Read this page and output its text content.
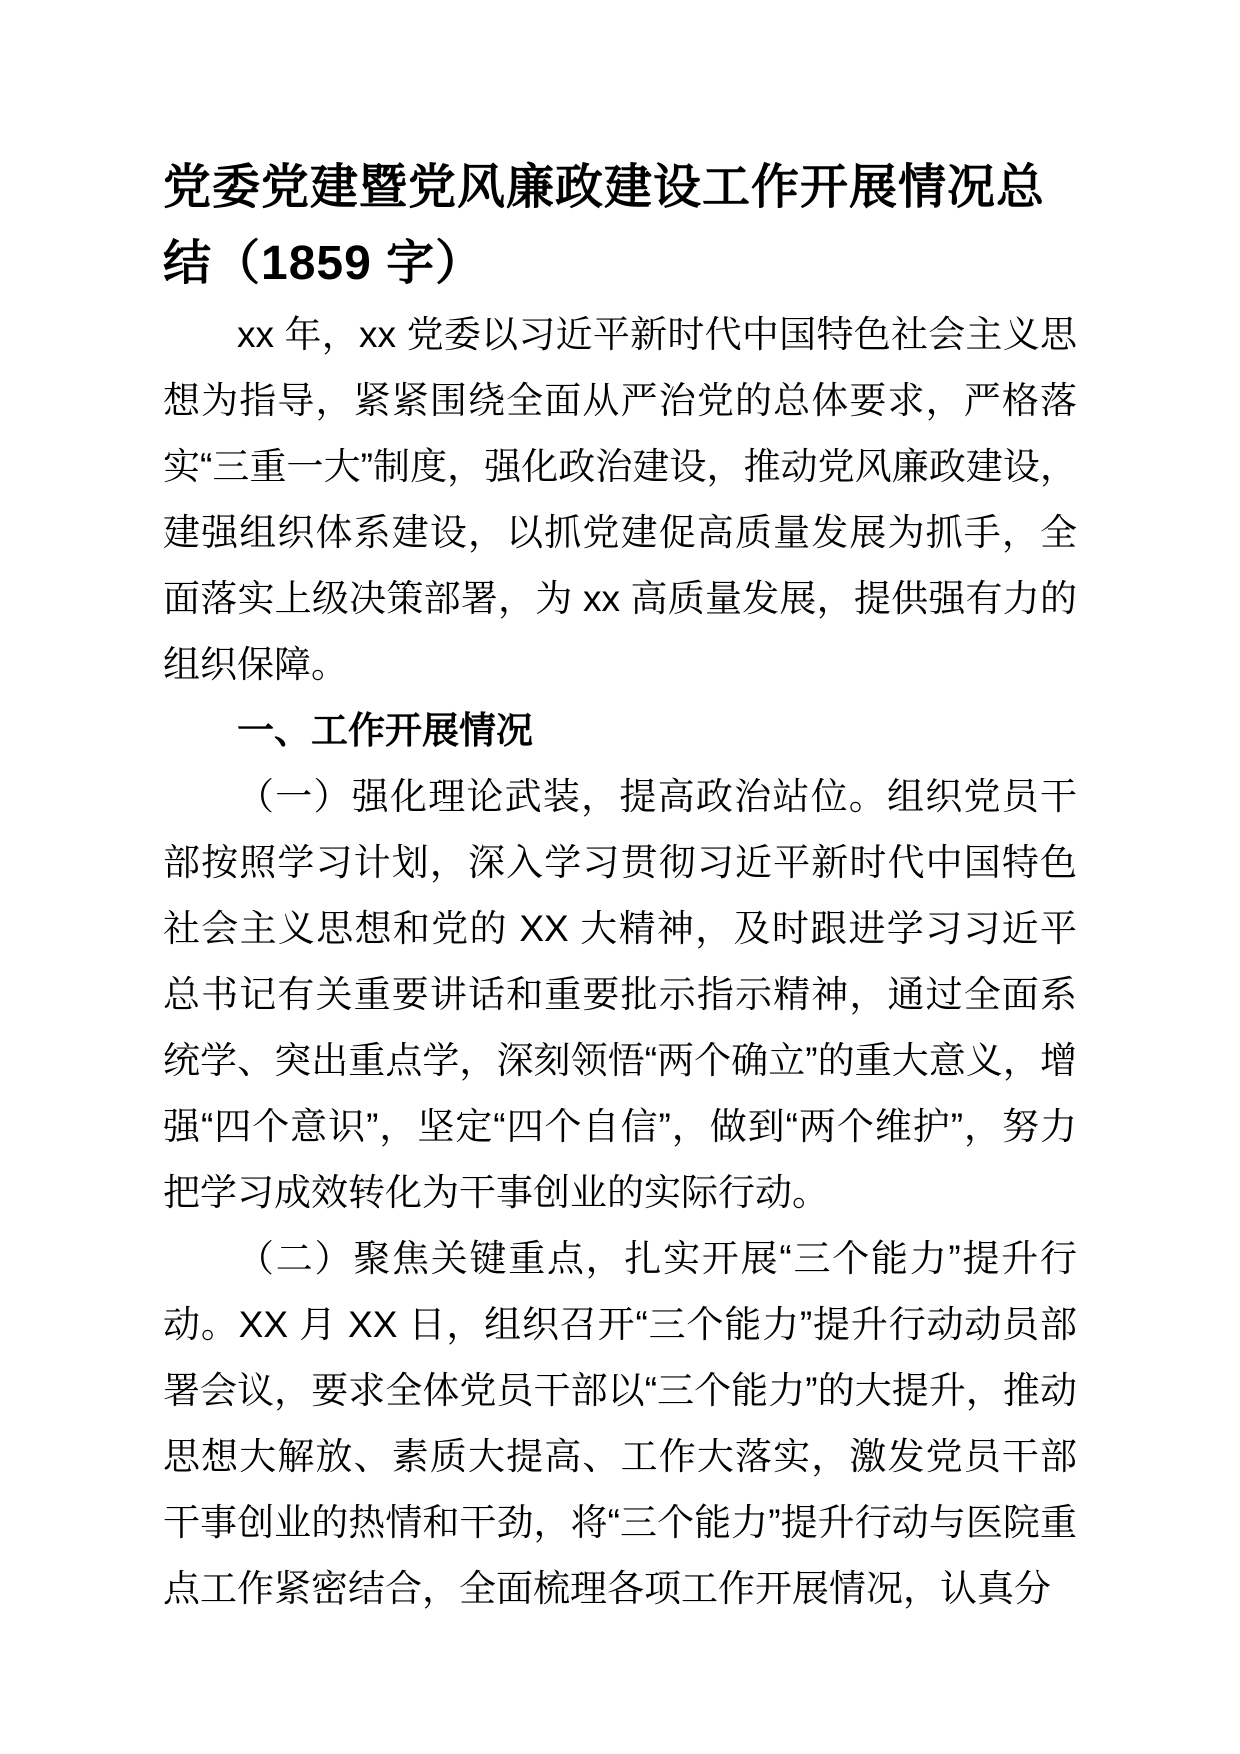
党委党建暨党风廉政建设工作开展情况总结（1859 字）

xx 年，xx 党委以习近平新时代中国特色社会主义思想为指导，紧紧围绕全面从严治党的总体要求，严格落实“三重一大”制度，强化政治建设，推动党风廉政建设，建强组织体系建设，以抓党建促高质量发展为抓手，全面落实上级决策部署，为 xx 高质量发展，提供强有力的组织保障。

一、工作开展情况

（一）强化理论武装，提高政治站位。组织党员干部按照学习计划，深入学习贯彻习近平新时代中国特色社会主义思想和党的 XX 大精神，及时跟进学习习近平总书记有关重要讲话和重要批示指示精神，通过全面系统学、突出重点学，深刻领悟“两个确立”的重大意义，增强“四个意识”，坚定“四个自信”，做到“两个维护”，努力把学习成效转化为干事创业的实际行动。

（二）聚焦关键重点，扎实开展“三个能力”提升行动。XX 月 XX 日，组织召开“三个能力”提升行动动员部署会议，要求全体党员干部以“三个能力”的大提升，推动思想大解放、素质大提高、工作大落实，激发党员干部干事创业的热情和干劲，将“三个能力”提升行动与医院重点工作紧密结合，全面梳理各项工作开展情况，认真分
